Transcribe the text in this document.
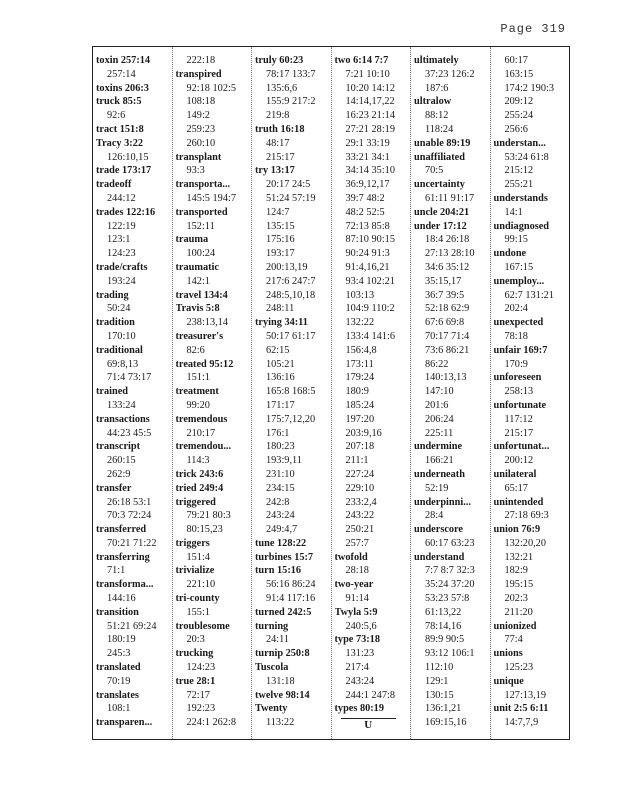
Page 319
toxin 257:14
257:14
toxins 206:3
truck 85:5
92:6
tract 151:8
Tracy 3:22
126:10,15
trade 173:17
tradeoff
244:12
trades 122:16
122:19
123:1
124:23
trade/crafts
193:24
trading
50:24
tradition
170:10
traditional
69:8,13
71:4 73:17
trained
133:24
transactions
44:23 45:5
transcript
260:15
262:9
transfer
26:18 53:1
70:3 72:24
transferred
70:21 71:22
transferring
71:1
transforma...
144:16
transition
51:21 69:24
180:19
245:3
translated
70:19
translates
108:1
transparen...
222:18
transpired
92:18 102:5
108:18
149:2
259:23
260:10
transplant
93:3
transporta...
145:5 194:7
transported
152:11
trauma
100:24
traumatic
142:1
travel 134:4
Travis 5:8
238:13,14
treasurer's
82:6
treated 95:12
151:1
treatment
99:20
tremendous
210:17
tremendou...
114:3
trick 243:6
tried 249:4
triggered
79:21 80:3
80:15,23
triggers
151:4
trivialize
221:10
tri-county
155:1
troublesome
20:3
trucking
124:23
true 28:1
72:17
192:23
224:1 262:8
truly 60:23
78:17 133:7
135:6,6
155:9 217:2
219:8
truth 16:18
48:17
215:17
try 13:17
20:17 24:5
51:24 57:19
124:7
135:15
175:16
193:17
200:13,19
217:6 247:7
248:5,10,18
248:11
trying 34:11
50:17 61:17
62:15
105:21
136:16
165:8 168:5
171:17
175:7,12,20
176:1
180:23
193:9,11
231:10
234:15
242:8
243:24
249:4,7
tune 128:22
turbines 15:7
turn 15:16
56:16 86:24
91:4 117:16
turned 242:5
turning
24:11
turnip 250:8
Tuscola
131:18
twelve 98:14
Twenty
113:22
two 6:14 7:7
7:21 10:10
10:20 14:12
14:14,17,22
16:23 21:14
27:21 28:19
29:1 33:19
33:21 34:1
34:14 35:10
36:9,12,17
39:7 48:2
48:2 52:5
72:13 85:8
87:10 90:15
90:24 91:3
91:4,16,21
93:4 102:21
103:13
104:9 110:2
132:22
133:4 141:6
156:4,8
173:11
179:24
180:9
185:24
197:20
203:9,16
207:18
211:1
227:24
229:10
233:2,4
243:22
250:21
257:7
twofold
28:18
two-year
91:14
Twyla 5:9
240:5,6
type 73:18
131:23
217:4
243:24
244:1 247:8
types 80:19
U
ultimately
37:23 126:2
187:6
ultralow
88:12
118:24
unable 89:19
unaffiliated
70:5
uncertainty
61:11 91:17
uncle 204:21
under 17:12
18:4 26:18
27:13 28:10
34:6 35:12
35:15,17
36:7 39:5
52:18 62:9
67:6 69:8
70:17 71:4
73:6 86:21
86:22
140:13,13
147:10
201:6
206:24
225:11
undermine
166:21
underneath
52:19
underpinni...
28:4
underscore
60:17 63:23
understand
7:7 8:7 32:3
35:24 37:20
53:23 57:8
61:13,22
78:14,16
89:9 90:5
93:12 106:1
112:10
129:1
130:15
136:1,21
169:15,16
60:17
163:15
174:2 190:3
209:12
255:24
256:6
understan...
53:24 61:8
215:12
255:21
understands
14:1
undiagnosed
99:15
undone
167:15
unemploy...
62:7 131:21
202:4
unexpected
78:18
unfair 169:7
170:9
unforeseen
258:13
unfortunate
117:12
215:17
unfortunat...
200:12
unilateral
65:17
unintended
27:18 69:3
union 76:9
132:20,20
132:21
182:9
195:15
202:3
211:20
unionized
77:4
unions
125:23
unique
127:13,19
unit 2:5 6:11
14:7,7,9
